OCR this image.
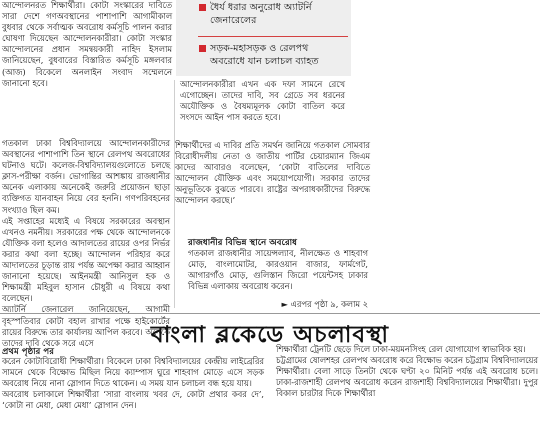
আন্দোলনরত শিক্ষার্থীরা। কোটা সংস্কারের দাবিতে সারা দেশে গণঅবস্থানের পাশাপাশি আগামীকাল বুধবার থেকে সর্বাত্মক অবরোধ কর্মসূচি পালন করার ঘোষণা দিয়েছেন আন্দোলনকারীরা। কোটা সংস্কার আন্দোলনের প্রধান সমন্বয়কারী নাহিদ ইসলাম জানিয়েছেন, বুধবারের বিস্তারিত কর্মসূচি মঙ্গলবার (আজ) বিকেলে অনলাইন সংবাদ সম্মেলনে জানানো হবে।
ধৈর্য ধরার অনুরোধ অ্যাটর্নি জেনারেলের
সড়ক-মহাসড়ক ও রেলপথ অবরোধে যান চলাচল ব্যাহত
আন্দোলনকারীরা এখন এক দফা সামনে রেখে এগোচ্ছেন। তাদের দাবি, সব গ্রেডে সব ধরনের অযৌক্তিক ও বৈষম্যমূলক কোটা বাতিল করে সংসদে আইন পাস করতে হবে।
গতকাল ঢাকা বিশ্ববিদ্যালয়ে আন্দোলনকারীদের অবস্থানের পাশাপাশি তিন স্থানে রেলপথ অবরোধের ঘটনাও ঘটে। কলেজ-বিশ্ববিদ্যালয়গুলোতে চলছে ক্লাস-পরীক্ষা বর্জন। ভোগান্তির আশঙ্কায় রাজধানীর অনেক এলাকায় অনেকেই জরুরি প্রয়োজন ছাড়া ব্যক্তিগত যানবাহন নিয়ে বের হননি। গণপরিবহনের সংখ্যাও ছিল কম।
এই সপ্তাহের মধ্যেই এ বিষয়ে সরকারের অবস্থান এখনও নমনীয়। সরকারের পক্ষ থেকে আন্দোলনকে যৌক্তিক বলা হলেও আদালতের রায়ের ওপর নির্ভর করার কথা বলা হচ্ছে। আন্দোলন পরিহার করে আদালতের চূড়ান্ত রায় পর্যন্ত অপেক্ষা করার আহ্বান জানানো হয়েছে। আইনমন্ত্রী আনিসুল হক ও শিক্ষামন্ত্রী মহিবুল হাসান চৌধুরী এ বিষয়ে কথা বলেছেন।
অ্যাটর্নি জেনারেল জানিয়েছেন, আগামী বৃহস্পতিবার কোটা বহাল রাখার পক্ষে হাইকোর্টের রায়ের বিরুদ্ধে তার কার্যালয় আপিল করবে। অনেকে তাদের দাবি থেকে সরে এসে
শিক্ষার্থীদের এ দাবির প্রতি সমর্থন জানিয়ে গতকাল সোমবার বিরোধীদলীয় নেতা ও জাতীয় পার্টির চেয়ারম্যান জিএম কাদের আবারও বলেছেন, ‘কোটা বাতিলের দাবিতে আন্দোলন যৌক্তিক এবং সময়োপযোগী। সরকার তাদের অনুভূতিকে বুঝতে পারবে। রাষ্ট্রের অপরাধকারীদের বিরুদ্ধে আন্দোলন করছে।’
রাজধানীর বিভিন্ন স্থানে অবরোধ
গতকাল রাজধানীর সায়েন্সল্যাব, নীলক্ষেত ও শাহবাগ মোড়, বাংলামোটর, কারওয়ান বাজার, ফার্মগেট, আগারগাঁও মোড়, গুলিস্তান জিরো পয়েন্টসহ ঢাকার বিভিন্ন এলাকায় অবরোধ করেন।
► এরপর পৃষ্ঠা ৯, কলাম ২
বাংলা ব্লকেডে অচলাবস্থা
প্রথম পৃষ্ঠার পর
করেন কোটাবিরোধী শিক্ষার্থীরা। বিকেলে ঢাকা বিশ্ববিদ্যালয়ের কেন্দ্রীয় লাইব্রেরির সামনে থেকে বিক্ষোভ মিছিল নিয়ে ক্যাম্পাস ঘুরে শাহবাগ মোড়ে এসে সড়ক অবরোধ নিয়ে নানা স্লোগান দিতে থাকেন। এ সময় যান চলাচল বন্ধ হয়ে যায়।
অবরোধ চলাকালে শিক্ষার্থীরা ‘সারা বাংলায় খবর দে, কোটা প্রথার কবর দে’, ‘কোটা না মেধা, মেধা মেধা’ স্লোগান দেন।
শিক্ষার্থীরা ট্রেনটি ছেড়ে দিলে ঢাকা-ময়মনসিংহ রেল যোগাযোগ স্বাভাবিক হয়।
চট্টগ্রামের ষোলশহর রেলপথ অবরোধ করে বিক্ষোভ করেন চট্টগ্রাম বিশ্ববিদ্যালয়ের শিক্ষার্থীরা। বেলা সাড়ে তিনটা থেকে ঘণ্টা ২০ মিনিট পর্যন্ত এই অবরোধ চলে। ঢাকা-রাজশাহী রেলপথ অবরোধ করেন রাজশাহী বিশ্ববিদ্যালয়ের শিক্ষার্থীরা। দুপুর বিকাল চারটার দিকে শিক্ষার্থীরা
